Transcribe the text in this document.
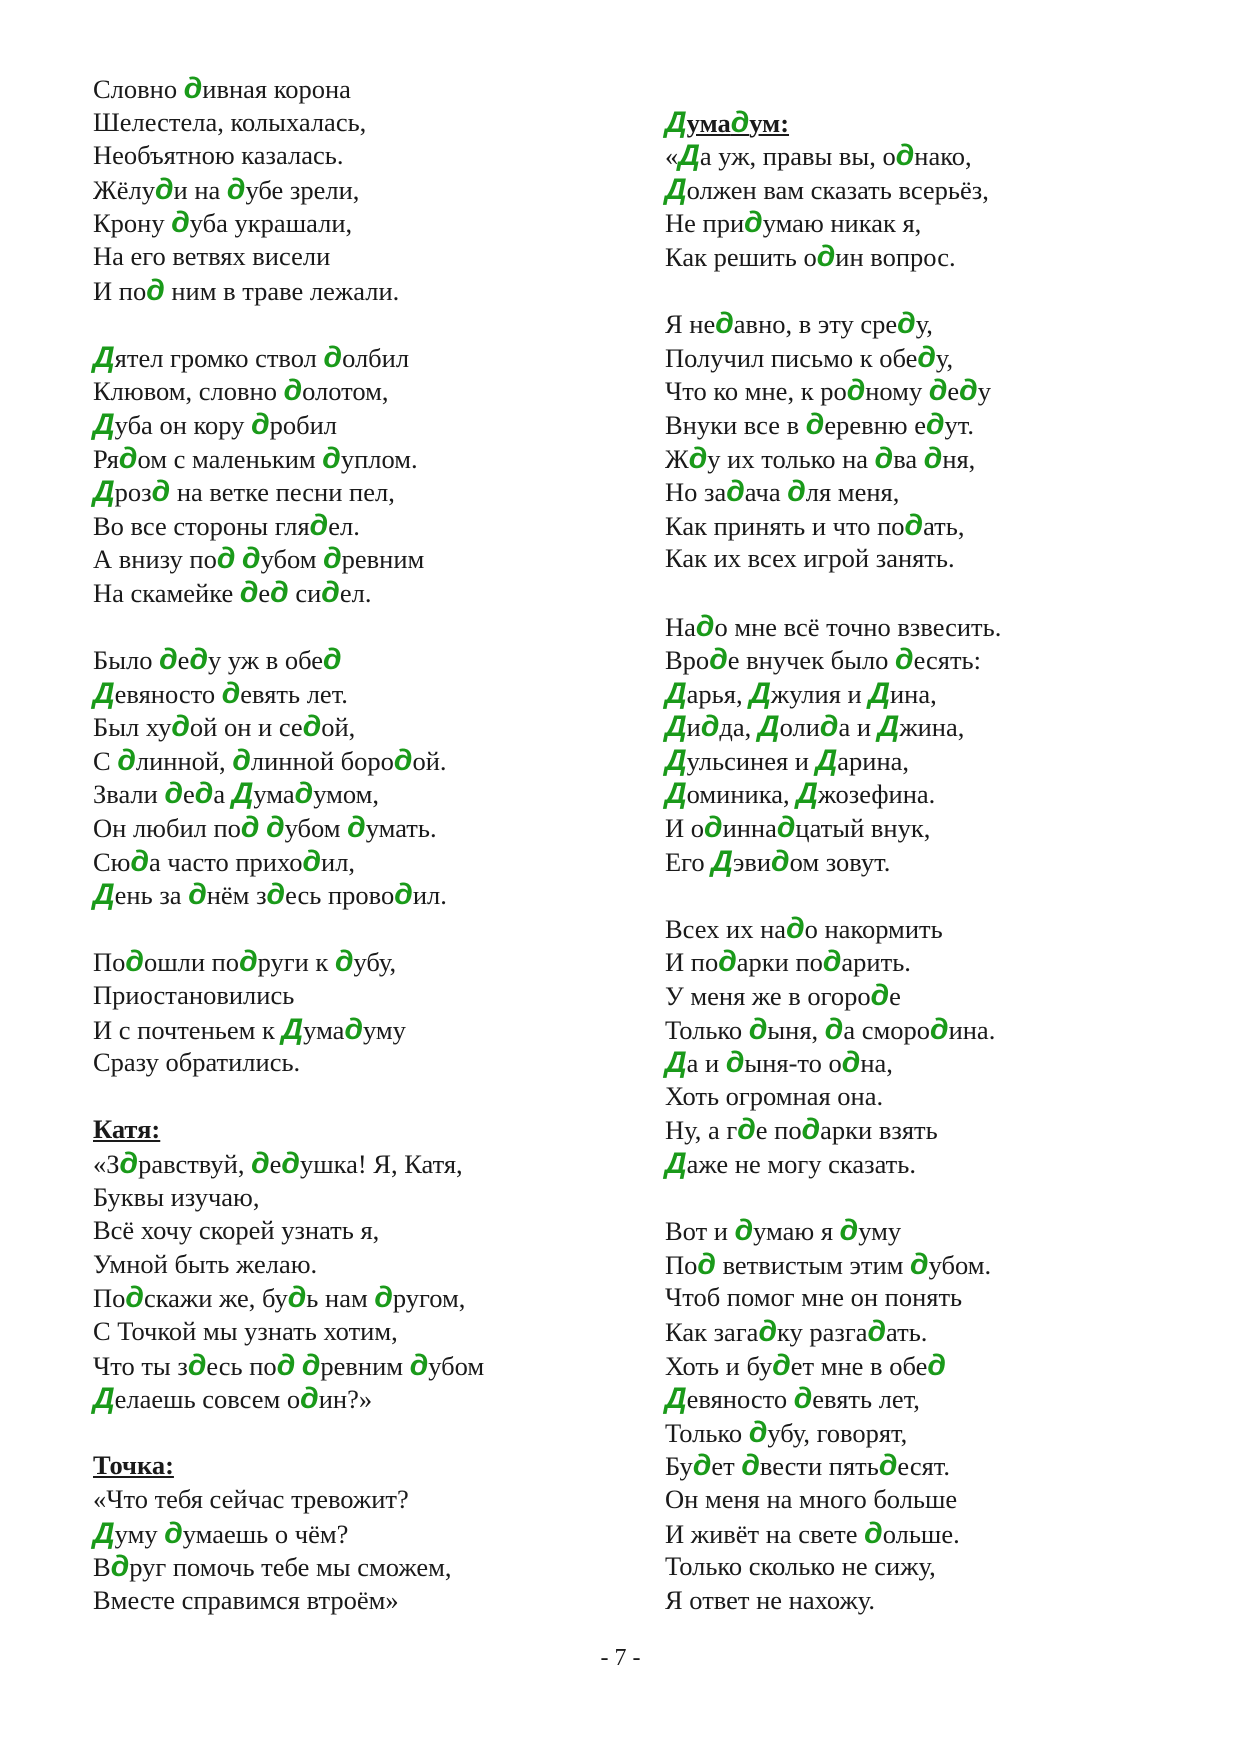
Словно дивная корона
Шелестела, колыхалась,
Необъятною казалась.
Жёлуди на дубе зрели,
Крону дуба украшали,
На его ветвях висели
И под ним в траве лежали.
Дятел громко ствол долбил
Клювом, словно долотом,
Дуба он кору дробил
Рядом с маленьким дуплом.
Дрозд на ветке песни пел,
Во все стороны глядел.
А внизу под дубом древним
На скамейке дед сидел.
Было деду уж в обед
Девяносто девять лет.
Был худой он и седой,
С длинной, длинной бородой.
Звали деда Думадумом,
Он любил под дубом думать.
Сюда часто приходил,
День за днём здесь проводил.
Подошли подруги к дубу,
Приостановились
И с почтеньем к Думадуму
Сразу обратились.
Катя:
«Здравствуй, дедушка! Я, Катя,
Буквы изучаю,
Всё хочу скорей узнать я,
Умной быть желаю.
Подскажи же, будь нам другом,
С Точкой мы узнать хотим,
Что ты здесь под древним дубом
Делаешь совсем один?»
Точка:
«Что тебя сейчас тревожит?
Думу думаешь о чём?
Вдруг помочь тебе мы сможем,
Вместе справимся втроём»
Думадум:
«Да уж, правы вы, однако,
Должен вам сказать всерьёз,
Не придумаю никак я,
Как решить один вопрос.
Я недавно, в эту среду,
Получил письмо к обеду,
Что ко мне, к родному деду
Внуки все в деревню едут.
Жду их только на два дня,
Но задача для меня,
Как принять и что подать,
Как их всех игрой занять.
Надо мне всё точно взвесить.
Вроде внучек было десять:
Дарья, Джулия и Дина,
Дидда, Долида и Джина,
Дульсинея и Дарина,
Доминика, Джозефина.
И одиннадцатый внук,
Его Дэвидом зовут.
Всех их надо накормить
И подарки подарить.
У меня же в огороде
Только дыня, да смородина.
Да и дыня-то одна,
Хоть огромная она.
Ну, а где подарки взять
Даже не могу сказать.
Вот и думаю я думу
Под ветвистым этим дубом.
Чтоб помог мне он понять
Как загадку разгадать.
Хоть и будет мне в обед
Девяносто девять лет,
Только дубу, говорят,
Будет двести пятьдесят.
Он меня на много больше
И живёт на свете дольше.
Только сколько не сижу,
Я ответ не нахожу.
- 7 -
